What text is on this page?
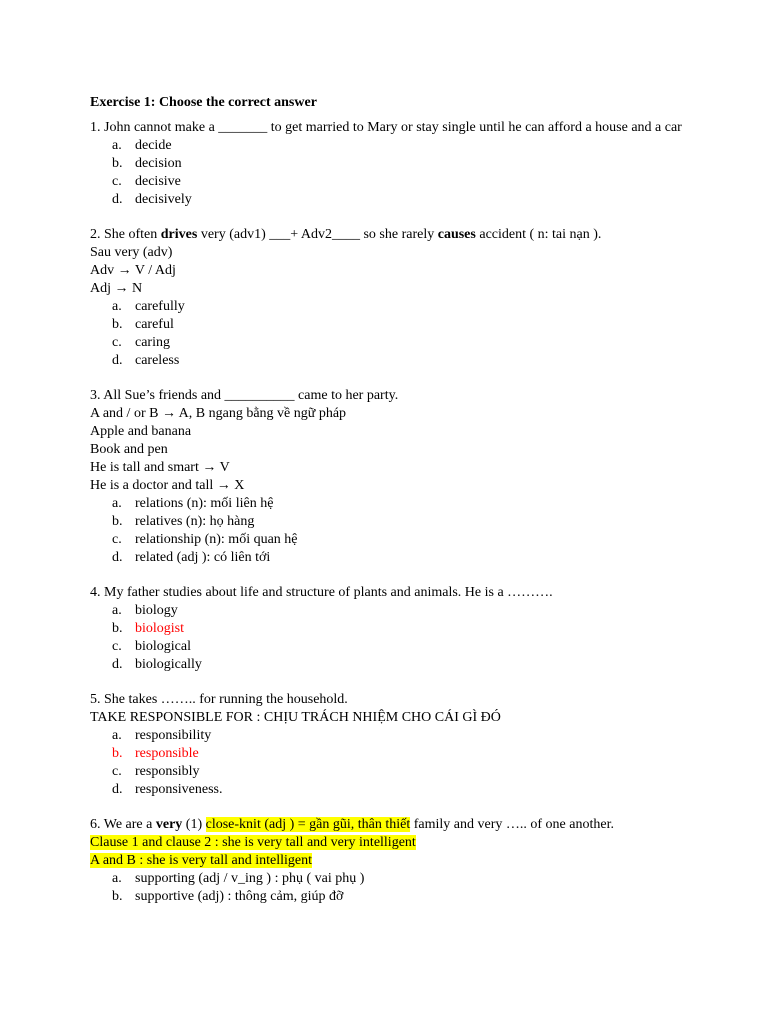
Exercise 1: Choose the correct answer
1. John cannot make a _______ to get married to Mary or stay single until he can afford a house and a car
a. decide
b. decision
c. decisive
d. decisively
2. She often drives very (adv1) ___+ Adv2____ so she rarely causes accident ( n: tai nạn ).
Sau very (adv)
Adv → V / Adj
Adj → N
a. carefully
b. careful
c. caring
d. careless
3. All Sue’s friends and __________ came to her party.
A and / or B → A, B ngang bằng về ngữ pháp
Apple and banana
Book and pen
He is tall and smart → V
He is a doctor and tall → X
a. relations (n): mối liên hệ
b. relatives (n): họ hàng
c. relationship (n): mối quan hệ
d. related (adj ): có liên tới
4. My father studies about life and structure of plants and animals. He is a ……….
a. biology
b. biologist
c. biological
d. biologically
5. She takes …….. for running the household.
TAKE RESPONSIBLE FOR : CHỊU TRÁCH NHIỆM CHO CÁI GÌ ĐÓ
a. responsibility
b. responsible
c. responsibly
d. responsiveness.
6. We are a very (1) close-knit (adj ) = gần gũi, thân thiết family and very ….. of one another.
Clause 1 and clause 2 : she is very tall and very intelligent
A and B : she is very tall and intelligent
a. supporting (adj / v_ing ) : phụ ( vai phụ )
b. supportive (adj) : thông cảm, giúp đỡ
